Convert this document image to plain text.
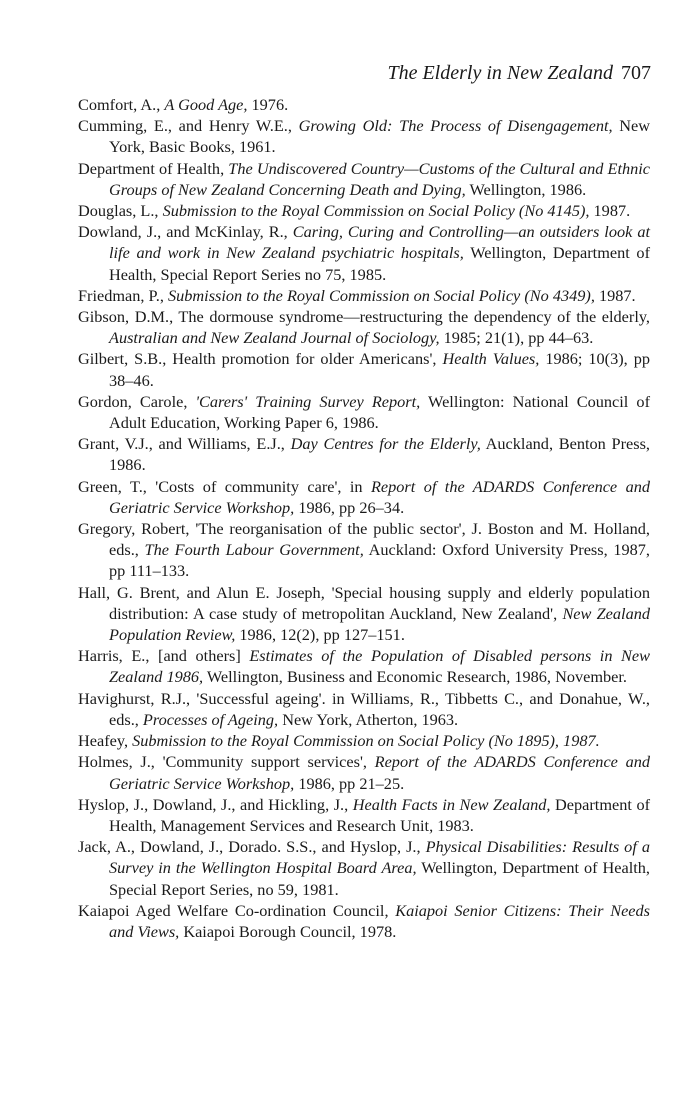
The Elderly in New Zealand 707
Comfort, A., A Good Age, 1976.
Cumming, E., and Henry W.E., Growing Old: The Process of Disengagement, New York, Basic Books, 1961.
Department of Health, The Undiscovered Country—Customs of the Cultural and Ethnic Groups of New Zealand Concerning Death and Dying, Wellington, 1986.
Douglas, L., Submission to the Royal Commission on Social Policy (No 4145), 1987.
Dowland, J., and McKinlay, R., Caring, Curing and Controlling—an outsiders look at life and work in New Zealand psychiatric hospitals, Wellington, Department of Health, Special Report Series no 75, 1985.
Friedman, P., Submission to the Royal Commission on Social Policy (No 4349), 1987.
Gibson, D.M., The dormouse syndrome—restructuring the dependency of the elderly, Australian and New Zealand Journal of Sociology, 1985; 21(1), pp 44–63.
Gilbert, S.B., Health promotion for older Americans', Health Values, 1986; 10(3), pp 38–46.
Gordon, Carole, 'Carers' Training Survey Report, Wellington: National Council of Adult Education, Working Paper 6, 1986.
Grant, V.J., and Williams, E.J., Day Centres for the Elderly, Auckland, Benton Press, 1986.
Green, T., 'Costs of community care', in Report of the ADARDS Conference and Geriatric Service Workshop, 1986, pp 26–34.
Gregory, Robert, 'The reorganisation of the public sector', J. Boston and M. Holland, eds., The Fourth Labour Government, Auckland: Oxford University Press, 1987, pp 111–133.
Hall, G. Brent, and Alun E. Joseph, 'Special housing supply and elderly population distribution: A case study of metropolitan Auckland, New Zealand', New Zealand Population Review, 1986, 12(2), pp 127–151.
Harris, E., [and others] Estimates of the Population of Disabled persons in New Zealand 1986, Wellington, Business and Economic Research, 1986, November.
Havighurst, R.J., 'Successful ageing'. in Williams, R., Tibbetts C., and Donahue, W., eds., Processes of Ageing, New York, Atherton, 1963.
Heafey, Submission to the Royal Commission on Social Policy (No 1895), 1987.
Holmes, J., 'Community support services', Report of the ADARDS Conference and Geriatric Service Workshop, 1986, pp 21–25.
Hyslop, J., Dowland, J., and Hickling, J., Health Facts in New Zealand, Department of Health, Management Services and Research Unit, 1983.
Jack, A., Dowland, J., Dorado. S.S., and Hyslop, J., Physical Disabilities: Results of a Survey in the Wellington Hospital Board Area, Wellington, Department of Health, Special Report Series, no 59, 1981.
Kaiapoi Aged Welfare Co-ordination Council, Kaiapoi Senior Citizens: Their Needs and Views, Kaiapoi Borough Council, 1978.
